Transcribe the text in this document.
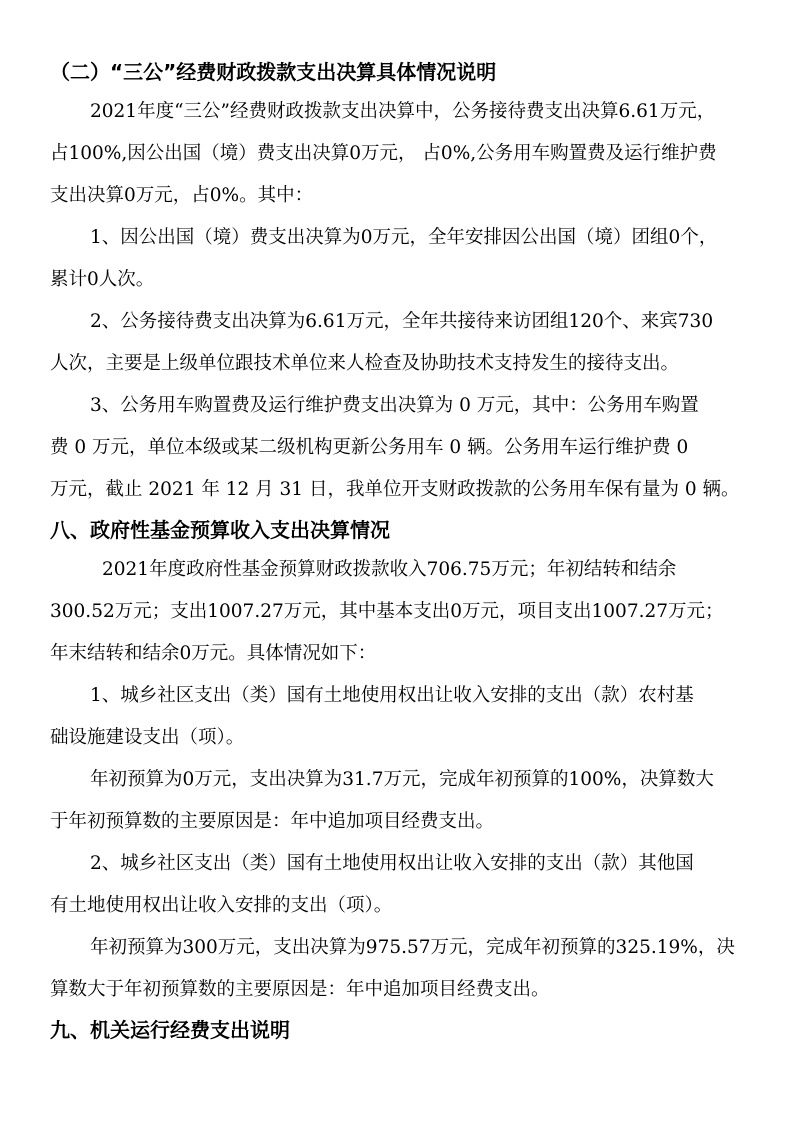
（二）“三公”经费财政拨款支出决算具体情况说明
2021年度“三公”经费财政拨款支出决算中，公务接待费支出决算6.61万元，
占100%,因公出国（境）费支出决算0万元， 占0%,公务用车购置费及运行维护费
支出决算0万元，占0%。其中：
1、因公出国（境）费支出决算为0万元，全年安排因公出国（境）团组0个，
累计0人次。
2、公务接待费支出决算为6.61万元，全年共接待来访团组120个、来宾730
人次，主要是上级单位跟技术单位来人检查及协助技术支持发生的接待支出。
3、公务用车购置费及运行维护费支出决算为 0 万元，其中：公务用车购置
费 0 万元，单位本级或某二级机构更新公务用车 0 辆。公务用车运行维护费 0
万元，截止 2021 年 12 月 31 日，我单位开支财政拨款的公务用车保有量为 0 辆。
八、政府性基金预算收入支出决算情况
2021年度政府性基金预算财政拨款收入706.75万元；年初结转和结余
300.52万元；支出1007.27万元，其中基本支出0万元，项目支出1007.27万元；
年末结转和结余0万元。具体情况如下：
1、城乡社区支出（类）国有土地使用权出让收入安排的支出（款）农村基
础设施建设支出（项）。
年初预算为0万元，支出决算为31.7万元，完成年初预算的100%，决算数大
于年初预算数的主要原因是：年中追加项目经费支出。
2、城乡社区支出（类）国有土地使用权出让收入安排的支出（款）其他国
有土地使用权出让收入安排的支出（项）。
年初预算为300万元，支出决算为975.57万元，完成年初预算的325.19%，决
算数大于年初预算数的主要原因是：年中追加项目经费支出。
九、机关运行经费支出说明
